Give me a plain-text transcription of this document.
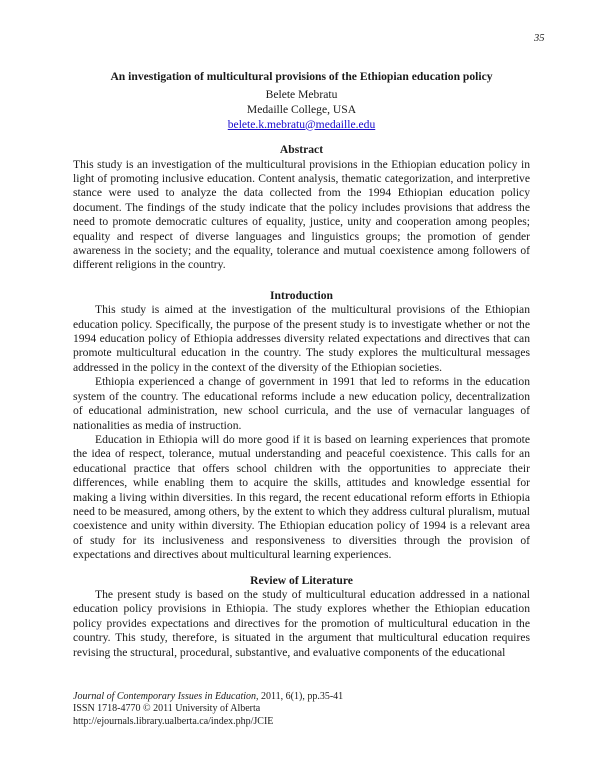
35
An investigation of multicultural provisions of the Ethiopian education policy
Belete Mebratu
Medaille College, USA
belete.k.mebratu@medaille.edu
Abstract

This study is an investigation of the multicultural provisions in the Ethiopian education policy in light of promoting inclusive education. Content analysis, thematic categorization, and interpretive stance were used to analyze the data collected from the 1994 Ethiopian education policy document. The findings of the study indicate that the policy includes provisions that address the need to promote democratic cultures of equality, justice, unity and cooperation among peoples; equality and respect of diverse languages and linguistics groups; the promotion of gender awareness in the society; and the equality, tolerance and mutual coexistence among followers of different religions in the country.

Introduction

This study is aimed at the investigation of the multicultural provisions of the Ethiopian education policy. Specifically, the purpose of the present study is to investigate whether or not the 1994 education policy of Ethiopia addresses diversity related expectations and directives that can promote multicultural education in the country. The study explores the multicultural messages addressed in the policy in the context of the diversity of the Ethiopian societies.

Ethiopia experienced a change of government in 1991 that led to reforms in the education system of the country. The educational reforms include a new education policy, decentralization of educational administration, new school curricula, and the use of vernacular languages of nationalities as media of instruction.

Education in Ethiopia will do more good if it is based on learning experiences that promote the idea of respect, tolerance, mutual understanding and peaceful coexistence. This calls for an educational practice that offers school children with the opportunities to appreciate their differences, while enabling them to acquire the skills, attitudes and knowledge essential for making a living within diversities. In this regard, the recent educational reform efforts in Ethiopia need to be measured, among others, by the extent to which they address cultural pluralism, mutual coexistence and unity within diversity. The Ethiopian education policy of 1994 is a relevant area of study for its inclusiveness and responsiveness to diversities through the provision of expectations and directives about multicultural learning experiences.

Review of Literature

The present study is based on the study of multicultural education addressed in a national education policy provisions in Ethiopia. The study explores whether the Ethiopian education policy provides expectations and directives for the promotion of multicultural education in the country. This study, therefore, is situated in the argument that multicultural education requires revising the structural, procedural, substantive, and evaluative components of the educational

Journal of Contemporary Issues in Education, 2011, 6(1), pp.35-41
ISSN 1718-4770 © 2011 University of Alberta
http://ejournals.library.ualberta.ca/index.php/JCIE
